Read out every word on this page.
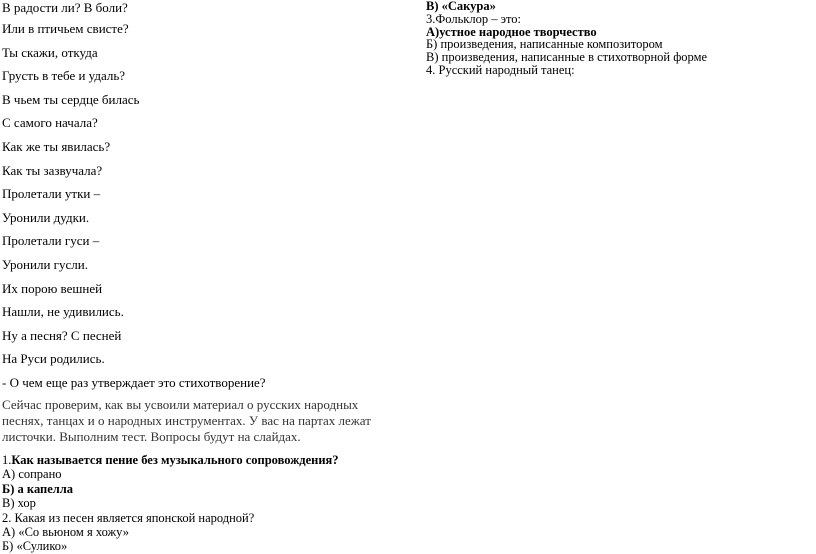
В радости ли? В боли?
Или в птичьем свисте?
Ты скажи, откуда
Грусть в тебе и удаль?
В чьем ты сердце билась
С самого начала?
Как же ты явилась?
Как ты зазвучала?
Пролетали утки –
Уронили дудки.
Пролетали гуси –
Уронили гусли.
Их порою вешней
Нашли, не удивились.
Ну а песня? С песней
На Руси родились.
- О чем еще раз утверждает это стихотворение?
Сейчас проверим, как вы усвоили материал о русских народных песнях, танцах и о народных инструментах. У вас на партах лежат листочки. Выполним тест. Вопросы будут на слайдах.
1.Как называется пение без музыкального сопровождения?
А) сопрано
Б) а капелла
В) хор
2. Какая из песен является японской народной?
А) «Со вьюном я хожу»
Б) «Сулико»
В) «Сакура»
3.Фольклор – это:
А)устное народное творчество
Б) произведения, написанные композитором
В) произведения, написанные в стихотворной форме
4. Русский народный танец:
